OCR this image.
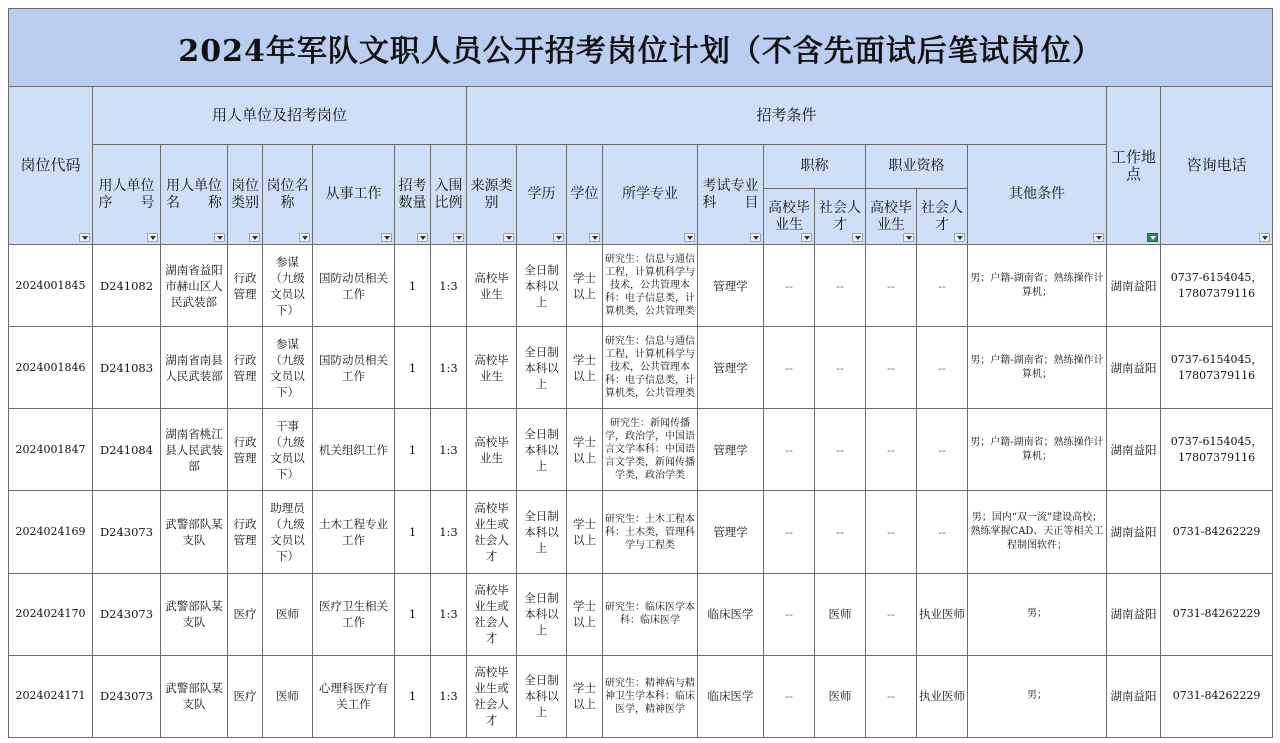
2024年军队文职人员公开招考岗位计划（不含先面试后笔试岗位）																			

岗位代码	用人单位及招考岗位							招考条件										工作地点	咨询电话

	用人单位序　　号	用人单位名　　称	岗位类别	岗位名称	从事工作	招考数量	入围比例	来源类别	学历	学位	所学专业	考试专业科　　目	职称		职业资格		其他条件		

													高校毕业生	社会人才	高校毕业生	社会人才			

2024001845	D241082	湖南省益阳市赫山区人民武装部	行政管理	参谋（九级文员以下）	国防动员相关工作	1	1:3	高校毕业生	全日制本科以上	学士以上	研究生：信息与通信工程，计算机科学与技术，公共管理本科：电子信息类，计算机类，公共管理类	管理学	--	--	--	--	男；户籍-湖南省；熟练操作计算机；	湖南益阳	0737-6154045，17807379116
2024001846	D241083	湖南省南县人民武装部	行政管理	参谋（九级文员以下）	国防动员相关工作	1	1:3	高校毕业生	全日制本科以上	学士以上	研究生：信息与通信工程，计算机科学与技术，公共管理本科：电子信息类，计算机类，公共管理类	管理学	--	--	--	--	男；户籍-湖南省；熟练操作计算机；	湖南益阳	0737-6154045，17807379116
2024001847	D241084	湖南省桃江县人民武装部	行政管理	干事（九级文员以下）	机关组织工作	1	1:3	高校毕业生	全日制本科以上	学士以上	研究生：新闻传播学，政治学，中国语言文学本科：中国语言文学类，新闻传播学类，政治学类	管理学	--	--	--	--	男；户籍-湖南省；熟练操作计算机；	湖南益阳	0737-6154045，17807379116
2024024169	D243073	武警部队某支队	行政管理	助理员（九级文员以下）	土木工程专业工作	1	1:3	高校毕业生或社会人才	全日制本科以上	学士以上	研究生：土木工程本科：土木类，管理科学与工程类	管理学	--	--	--	--	男；国内“双一流”建设高校；熟练掌握CAD、天正等相关工程制图软件；	湖南益阳	0731-84262229
2024024170	D243073	武警部队某支队	医疗	医师	医疗卫生相关工作	1	1:3	高校毕业生或社会人才	全日制本科以上	学士以上	研究生：临床医学本科：临床医学	临床医学	--	医师	--	执业医师	男；	湖南益阳	0731-84262229
2024024171	D243073	武警部队某支队	医疗	医师	心理科医疗有关工作	1	1:3	高校毕业生或社会人才	全日制本科以上	学士以上	研究生：精神病与精神卫生学本科：临床医学，精神医学	临床医学	--	医师	--	执业医师	男；	湖南益阳	0731-84262229
